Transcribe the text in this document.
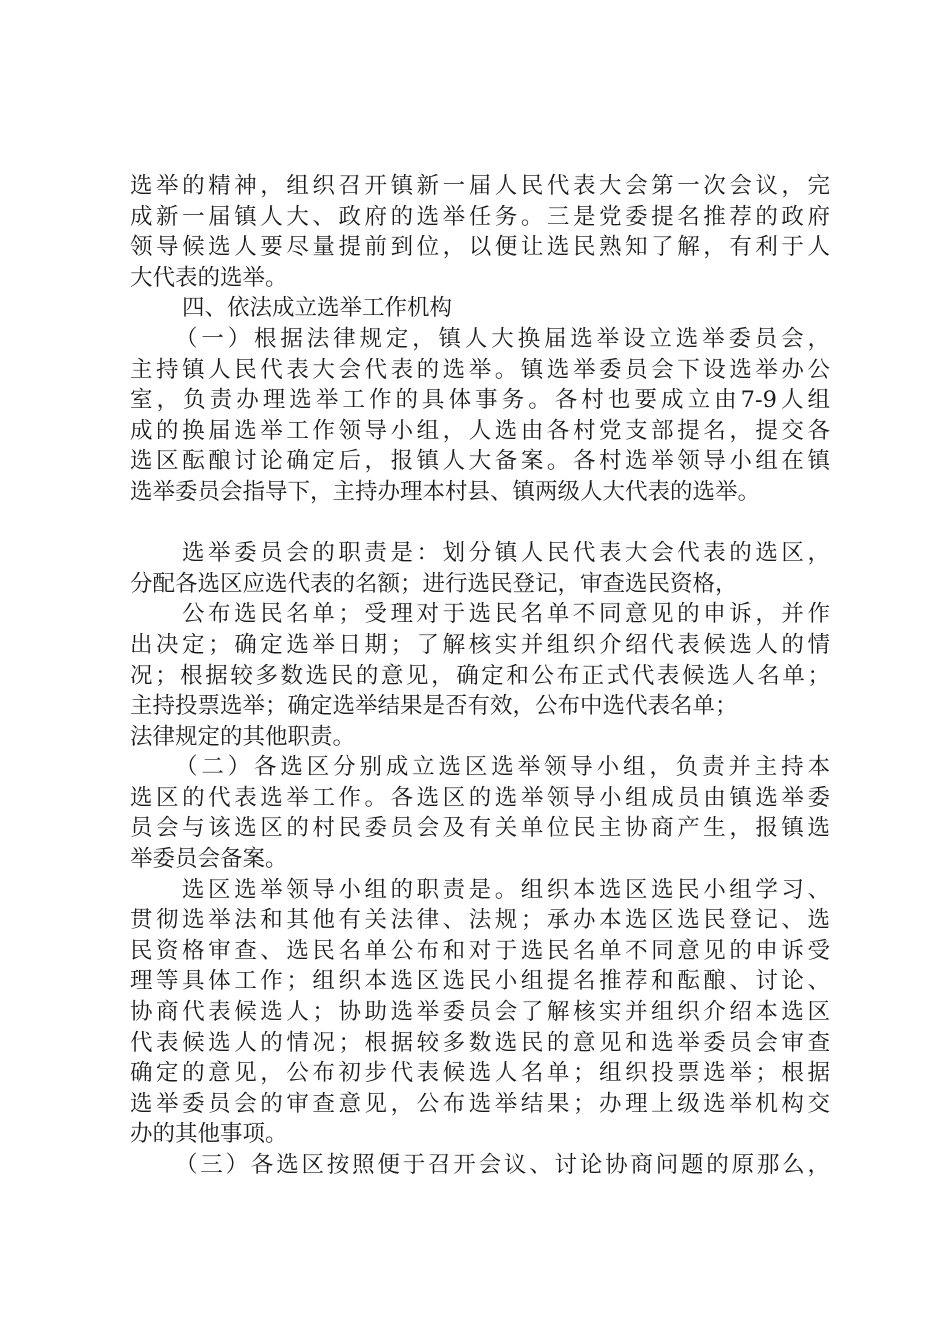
选举的精神，组织召开镇新一届人民代表大会第一次会议，完
成新一届镇人大、政府的选举任务。三是党委提名推荐的政府
领导候选人要尽量提前到位，以便让选民熟知了解，有利于人
大代表的选举。
四、依法成立选举工作机构
（一）根据法律规定，镇人大换届选举设立选举委员会，
主持镇人民代表大会代表的选举。镇选举委员会下设选举办公
室，负责办理选举工作的具体事务。各村也要成立由7-9人组
成的换届选举工作领导小组，人选由各村党支部提名，提交各
选区酝酿讨论确定后，报镇人大备案。各村选举领导小组在镇
选举委员会指导下，主持办理本村县、镇两级人大代表的选举。
选举委员会的职责是：划分镇人民代表大会代表的选区，
分配各选区应选代表的名额；进行选民登记，审查选民资格，
公布选民名单；受理对于选民名单不同意见的申诉，并作
出决定；确定选举日期；了解核实并组织介绍代表候选人的情
况；根据较多数选民的意见，确定和公布正式代表候选人名单；
主持投票选举；确定选举结果是否有效，公布中选代表名单；
法律规定的其他职责。
（二）各选区分别成立选区选举领导小组，负责并主持本
选区的代表选举工作。各选区的选举领导小组成员由镇选举委
员会与该选区的村民委员会及有关单位民主协商产生，报镇选
举委员会备案。
选区选举领导小组的职责是。组织本选区选民小组学习、
贯彻选举法和其他有关法律、法规；承办本选区选民登记、选
民资格审查、选民名单公布和对于选民名单不同意见的申诉受
理等具体工作；组织本选区选民小组提名推荐和酝酿、讨论、
协商代表候选人；协助选举委员会了解核实并组织介绍本选区
代表候选人的情况；根据较多数选民的意见和选举委员会审查
确定的意见，公布初步代表候选人名单；组织投票选举；根据
选举委员会的审查意见，公布选举结果；办理上级选举机构交
办的其他事项。
（三）各选区按照便于召开会议、讨论协商问题的原那么，
